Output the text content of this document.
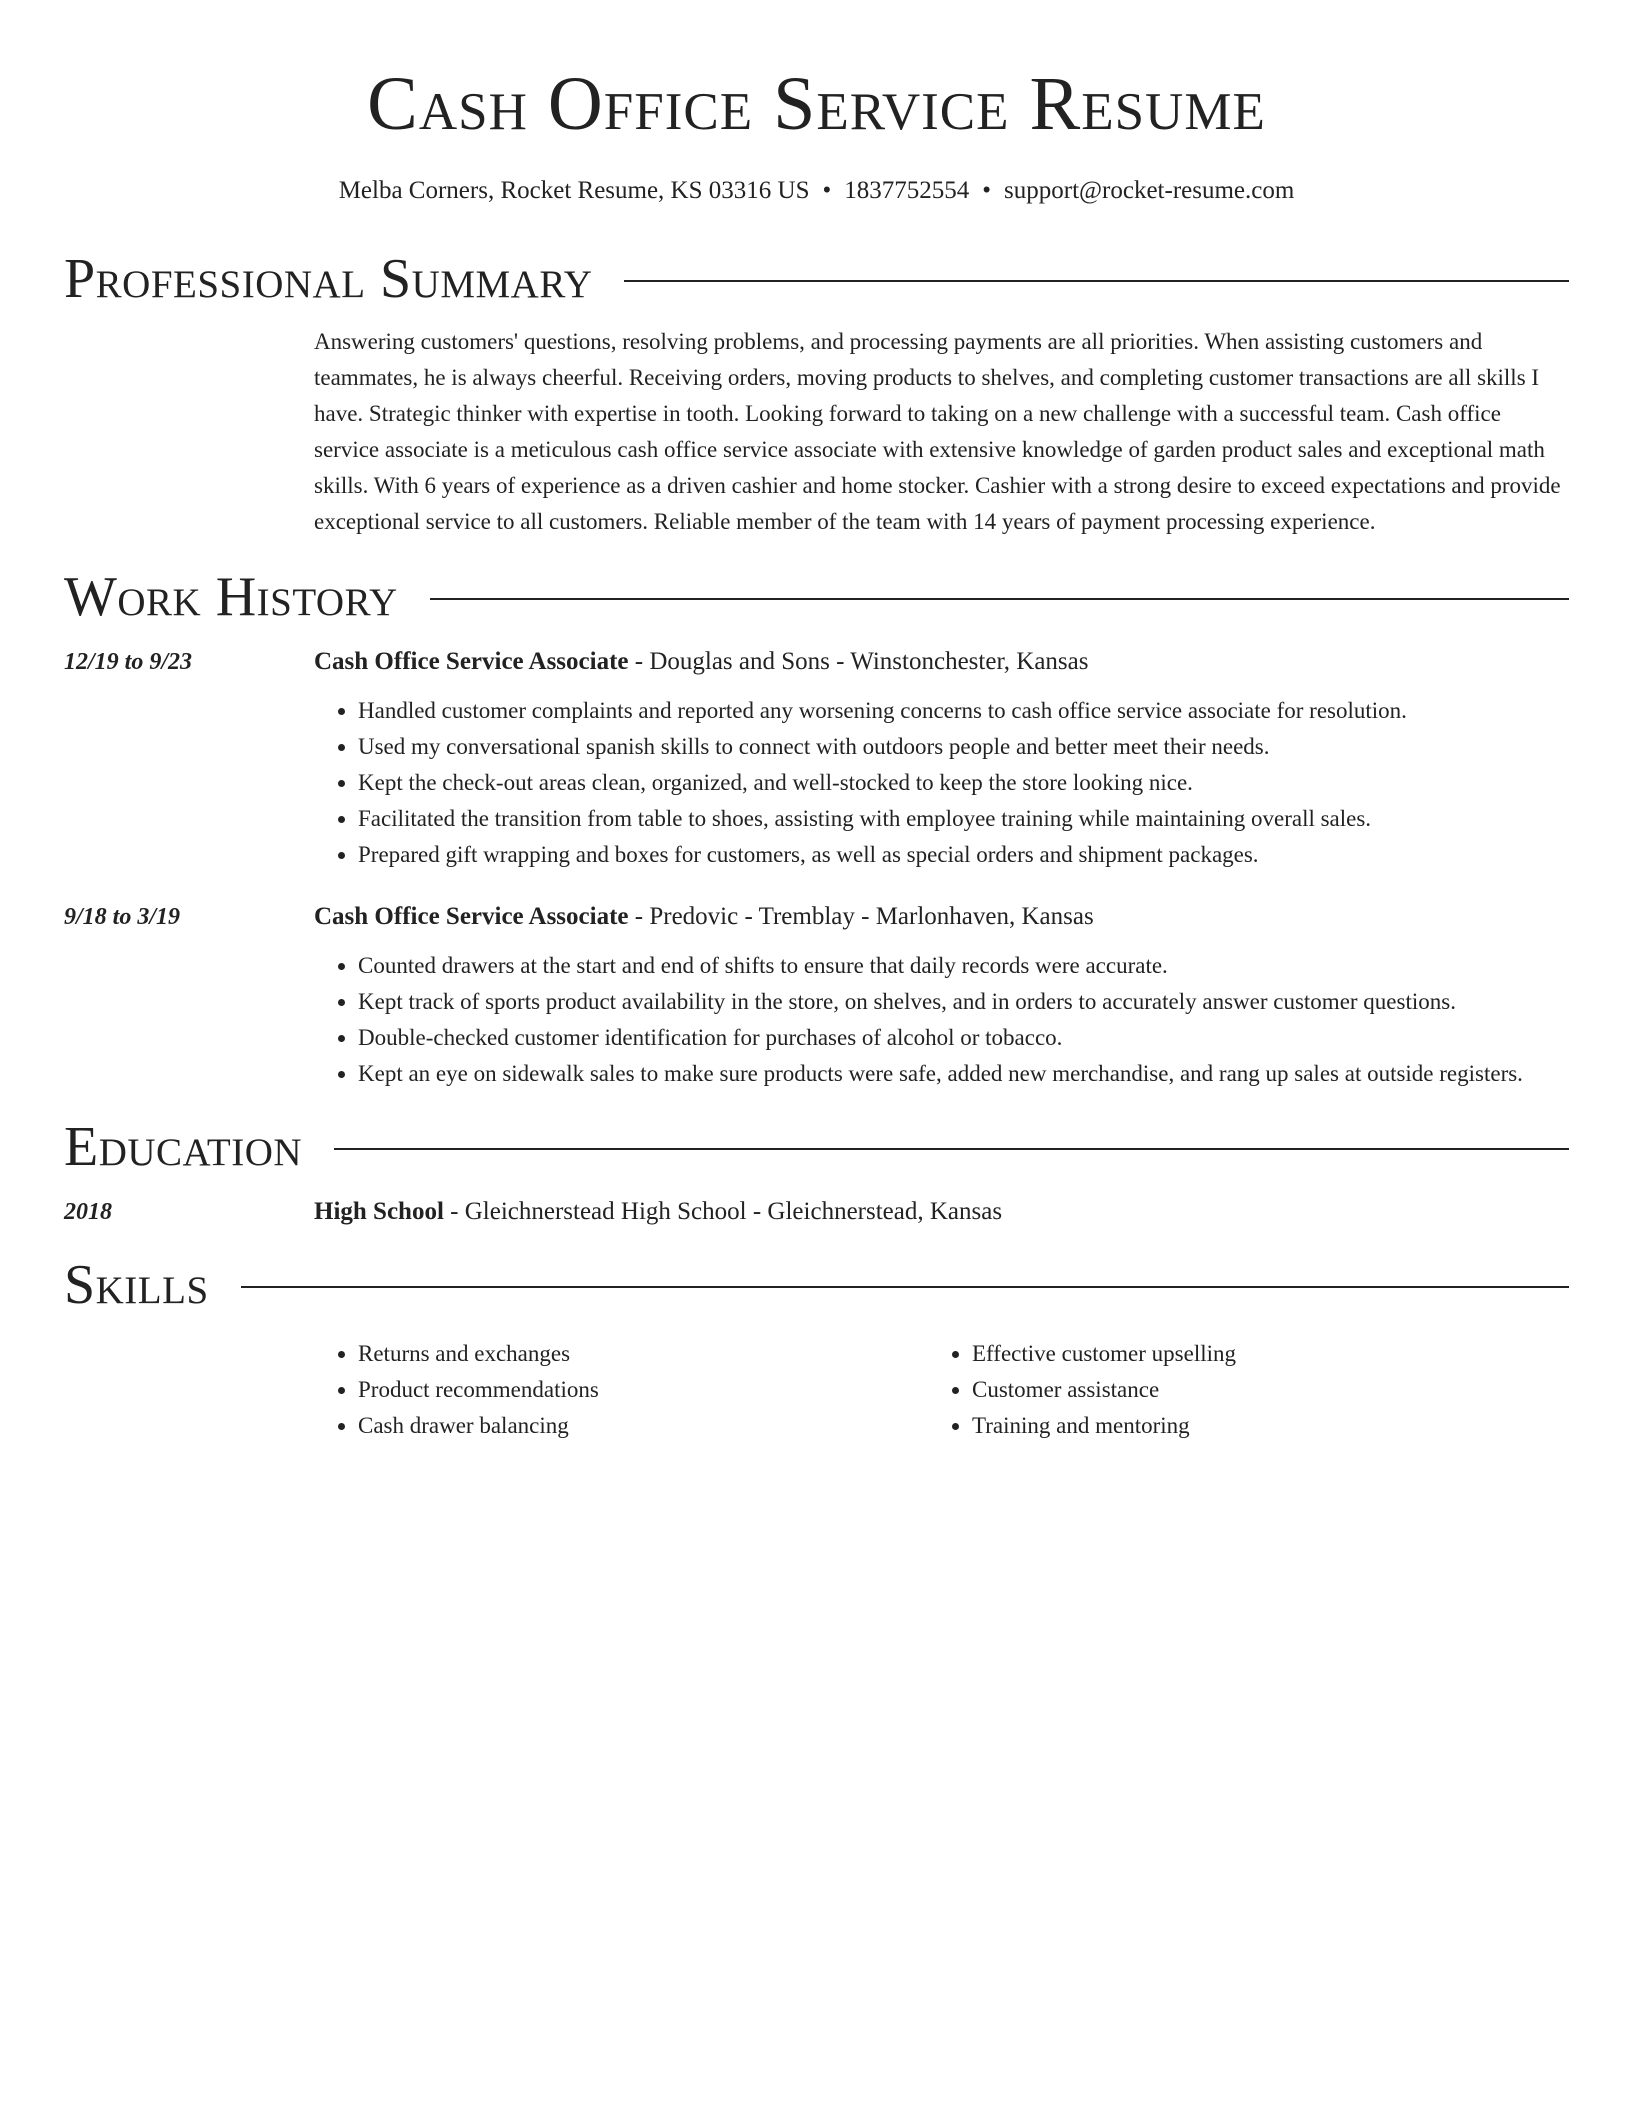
Cash Office Service Resume
Melba Corners, Rocket Resume, KS 03316 US • 1837752554 • support@rocket-resume.com
Professional Summary

Answering customers' questions, resolving problems, and processing payments are all priorities. When assisting customers and teammates, he is always cheerful. Receiving orders, moving products to shelves, and completing customer transactions are all skills I have. Strategic thinker with expertise in tooth. Looking forward to taking on a new challenge with a successful team. Cash office service associate is a meticulous cash office service associate with extensive knowledge of garden product sales and exceptional math skills. With 6 years of experience as a driven cashier and home stocker. Cashier with a strong desire to exceed expectations and provide exceptional service to all customers. Reliable member of the team with 14 years of payment processing experience.

Work History
12/19 to 9/23	Cash Office Service Associate - Douglas and Sons - Winstonchester, Kansas
• Handled customer complaints and reported any worsening concerns to cash office service associate for resolution.
• Used my conversational spanish skills to connect with outdoors people and better meet their needs.
• Kept the check-out areas clean, organized, and well-stocked to keep the store looking nice.
• Facilitated the transition from table to shoes, assisting with employee training while maintaining overall sales.
• Prepared gift wrapping and boxes for customers, as well as special orders and shipment packages.
9/18 to 3/19	Cash Office Service Associate - Predovic - Tremblay - Marlonhaven, Kansas
• Counted drawers at the start and end of shifts to ensure that daily records were accurate.
• Kept track of sports product availability in the store, on shelves, and in orders to accurately answer customer questions.
• Double-checked customer identification for purchases of alcohol or tobacco.
• Kept an eye on sidewalk sales to make sure products were safe, added new merchandise, and rang up sales at outside registers.
Education
2018	High School - Gleichnerstead High School - Gleichnerstead, Kansas
Skills
• Returns and exchanges
• Product recommendations
• Cash drawer balancing
• Effective customer upselling
• Customer assistance
• Training and mentoring
